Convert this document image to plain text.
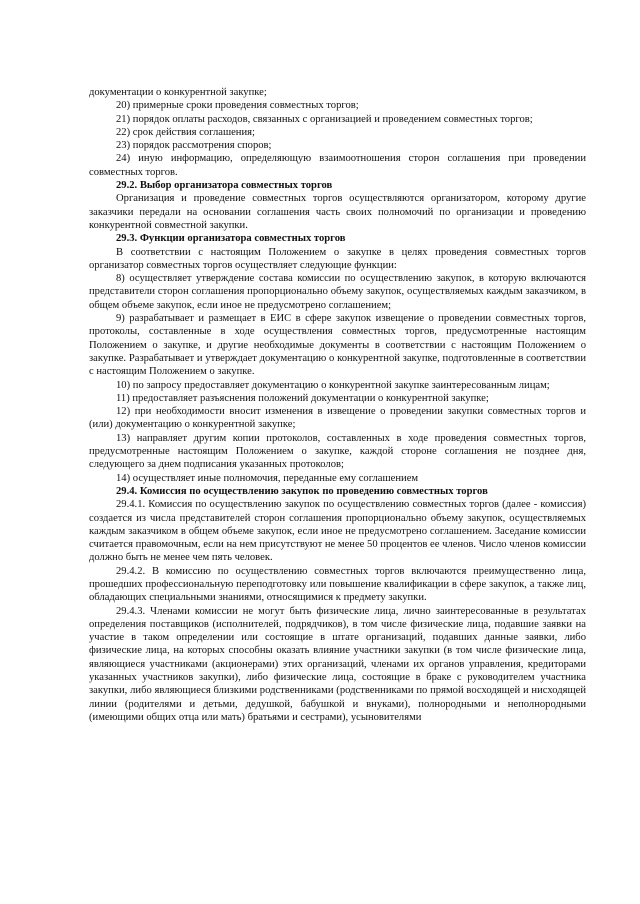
документации о конкурентной закупке;

20) примерные сроки проведения совместных торгов;

21) порядок оплаты расходов, связанных с организацией и проведением совместных торгов;

22) срок действия соглашения;

23) порядок рассмотрения споров;

24) иную информацию, определяющую взаимоотношения сторон соглашения при проведении совместных торгов.

29.2. Выбор организатора совместных торгов

Организация и проведение совместных торгов осуществляются организатором, которому другие заказчики передали на основании соглашения часть своих полномочий по организации и проведению конкурентной совместной закупки.

29.3. Функции организатора совместных торгов

В соответствии с настоящим Положением о закупке в целях проведения совместных торгов организатор совместных торгов осуществляет следующие функции:

8) осуществляет утверждение состава комиссии по осуществлению закупок, в которую включаются представители сторон соглашения пропорционально объему закупок, осуществляемых каждым заказчиком, в общем объеме закупок, если иное не предусмотрено соглашением;

9) разрабатывает и размещает в ЕИС в сфере закупок извещение о проведении совместных торгов, протоколы, составленные в ходе осуществления совместных торгов, предусмотренные настоящим Положением о закупке, и другие необходимые документы в соответствии с настоящим Положением о закупке. Разрабатывает и утверждает документацию о конкурентной закупке, подготовленные в соответствии с настоящим Положением о закупке.

10) по запросу предоставляет документацию о конкурентной закупке заинтересованным лицам;

11) предоставляет разъяснения положений документации о конкурентной закупке;

12) при необходимости вносит изменения в извещение о проведении закупки совместных торгов и (или) документацию о конкурентной закупке;

13) направляет другим копии протоколов, составленных в ходе проведения совместных торгов, предусмотренные настоящим Положением о закупке, каждой стороне соглашения не позднее дня, следующего за днем подписания указанных протоколов;

14) осуществляет иные полномочия, переданные ему соглашением

29.4. Комиссия по осуществлению закупок по проведению совместных торгов

29.4.1. Комиссия по осуществлению закупок по осуществлению совместных торгов (далее - комиссия) создается из числа представителей сторон соглашения пропорционально объему закупок, осуществляемых каждым заказчиком в общем объеме закупок, если иное не предусмотрено соглашением. Заседание комиссии считается правомочным, если на нем присутствуют не менее 50 процентов ее членов. Число членов комиссии должно быть не менее чем пять человек.

29.4.2. В комиссию по осуществлению совместных торгов включаются преимущественно лица, прошедших профессиональную переподготовку или повышение квалификации в сфере закупок, а также лиц, обладающих специальными знаниями, относящимися к предмету закупки.

29.4.3. Членами комиссии не могут быть физические лица, лично заинтересованные в результатах определения поставщиков (исполнителей, подрядчиков), в том числе физические лица, подавшие заявки на участие в таком определении или состоящие в штате организаций, подавших данные заявки, либо физические лица, на которых способны оказать влияние участники закупки (в том числе физические лица, являющиеся участниками (акционерами) этих организаций, членами их органов управления, кредиторами указанных участников закупки), либо физические лица, состоящие в браке с руководителем участника закупки, либо являющиеся близкими родственниками (родственниками по прямой восходящей и нисходящей линии (родителями и детьми, дедушкой, бабушкой и внуками), полнородными и неполнородными (имеющими общих отца или мать) братьями и сестрами), усыновителями
